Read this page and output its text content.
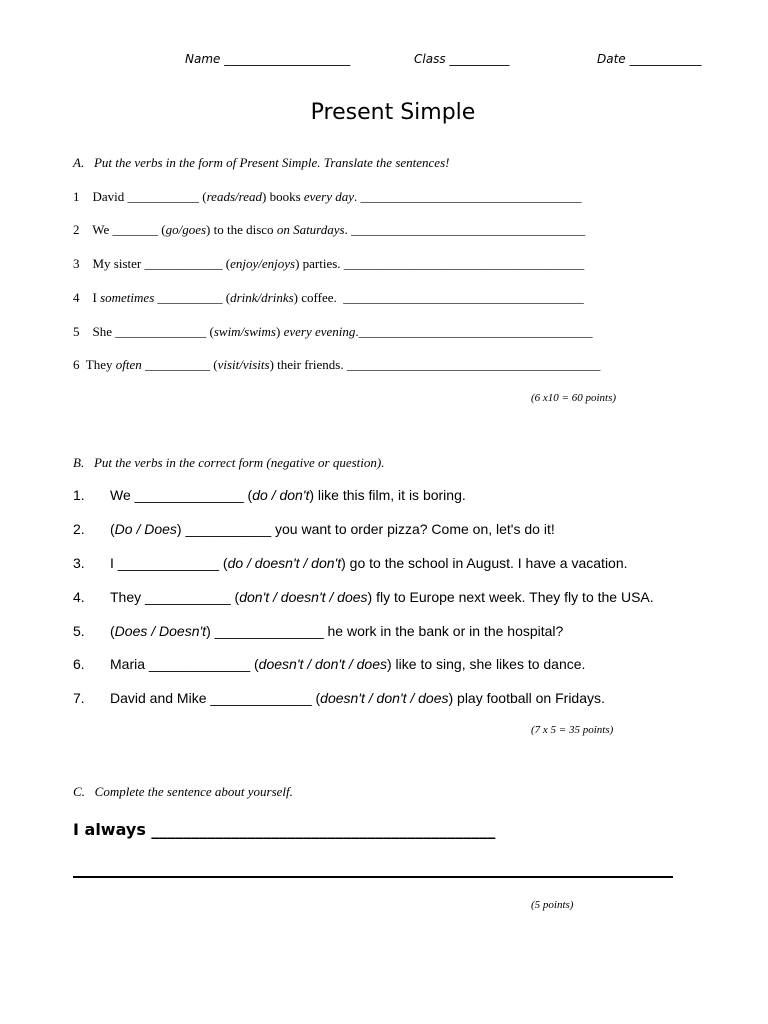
Name _____________________	Class __________	Date ____________
Present Simple
A.   Put the verbs in the form of Present Simple. Translate the sentences!
1    David ___________ (reads/read) books every day. __________________________________
2    We _______ (go/goes) to the disco on Saturdays. ____________________________________
3    My sister ____________ (enjoy/enjoys) parties. _____________________________________
4    I sometimes __________ (drink/drinks) coffee.  _____________________________________
5    She ______________ (swim/swims) every evening.____________________________________
6  They often __________ (visit/visits) their friends. _______________________________________
(6 x10 = 60 points)
B.   Put the verbs in the correct form (negative or question).
1. We ______________ (do / don't) like this film, it is boring.
2. (Do / Does) ___________ you want to order pizza? Come on, let's do it!
3. I _____________ (do / doesn't / don't) go to the school in August. I have a vacation.
4. They ___________ (don't / doesn't / does) fly to Europe next week. They fly to the USA.
5. (Does / Doesn't) ______________ he work in the bank or in the hospital?
6. Maria _____________ (doesn't / don't / does) like to sing, she likes to dance.
7. David and Mike _____________ (doesn't / don't / does) play football on Fridays.
(7 x 5 = 35 points)
C.   Complete the sentence about yourself.
I always ___________________________________________
(5 points)
